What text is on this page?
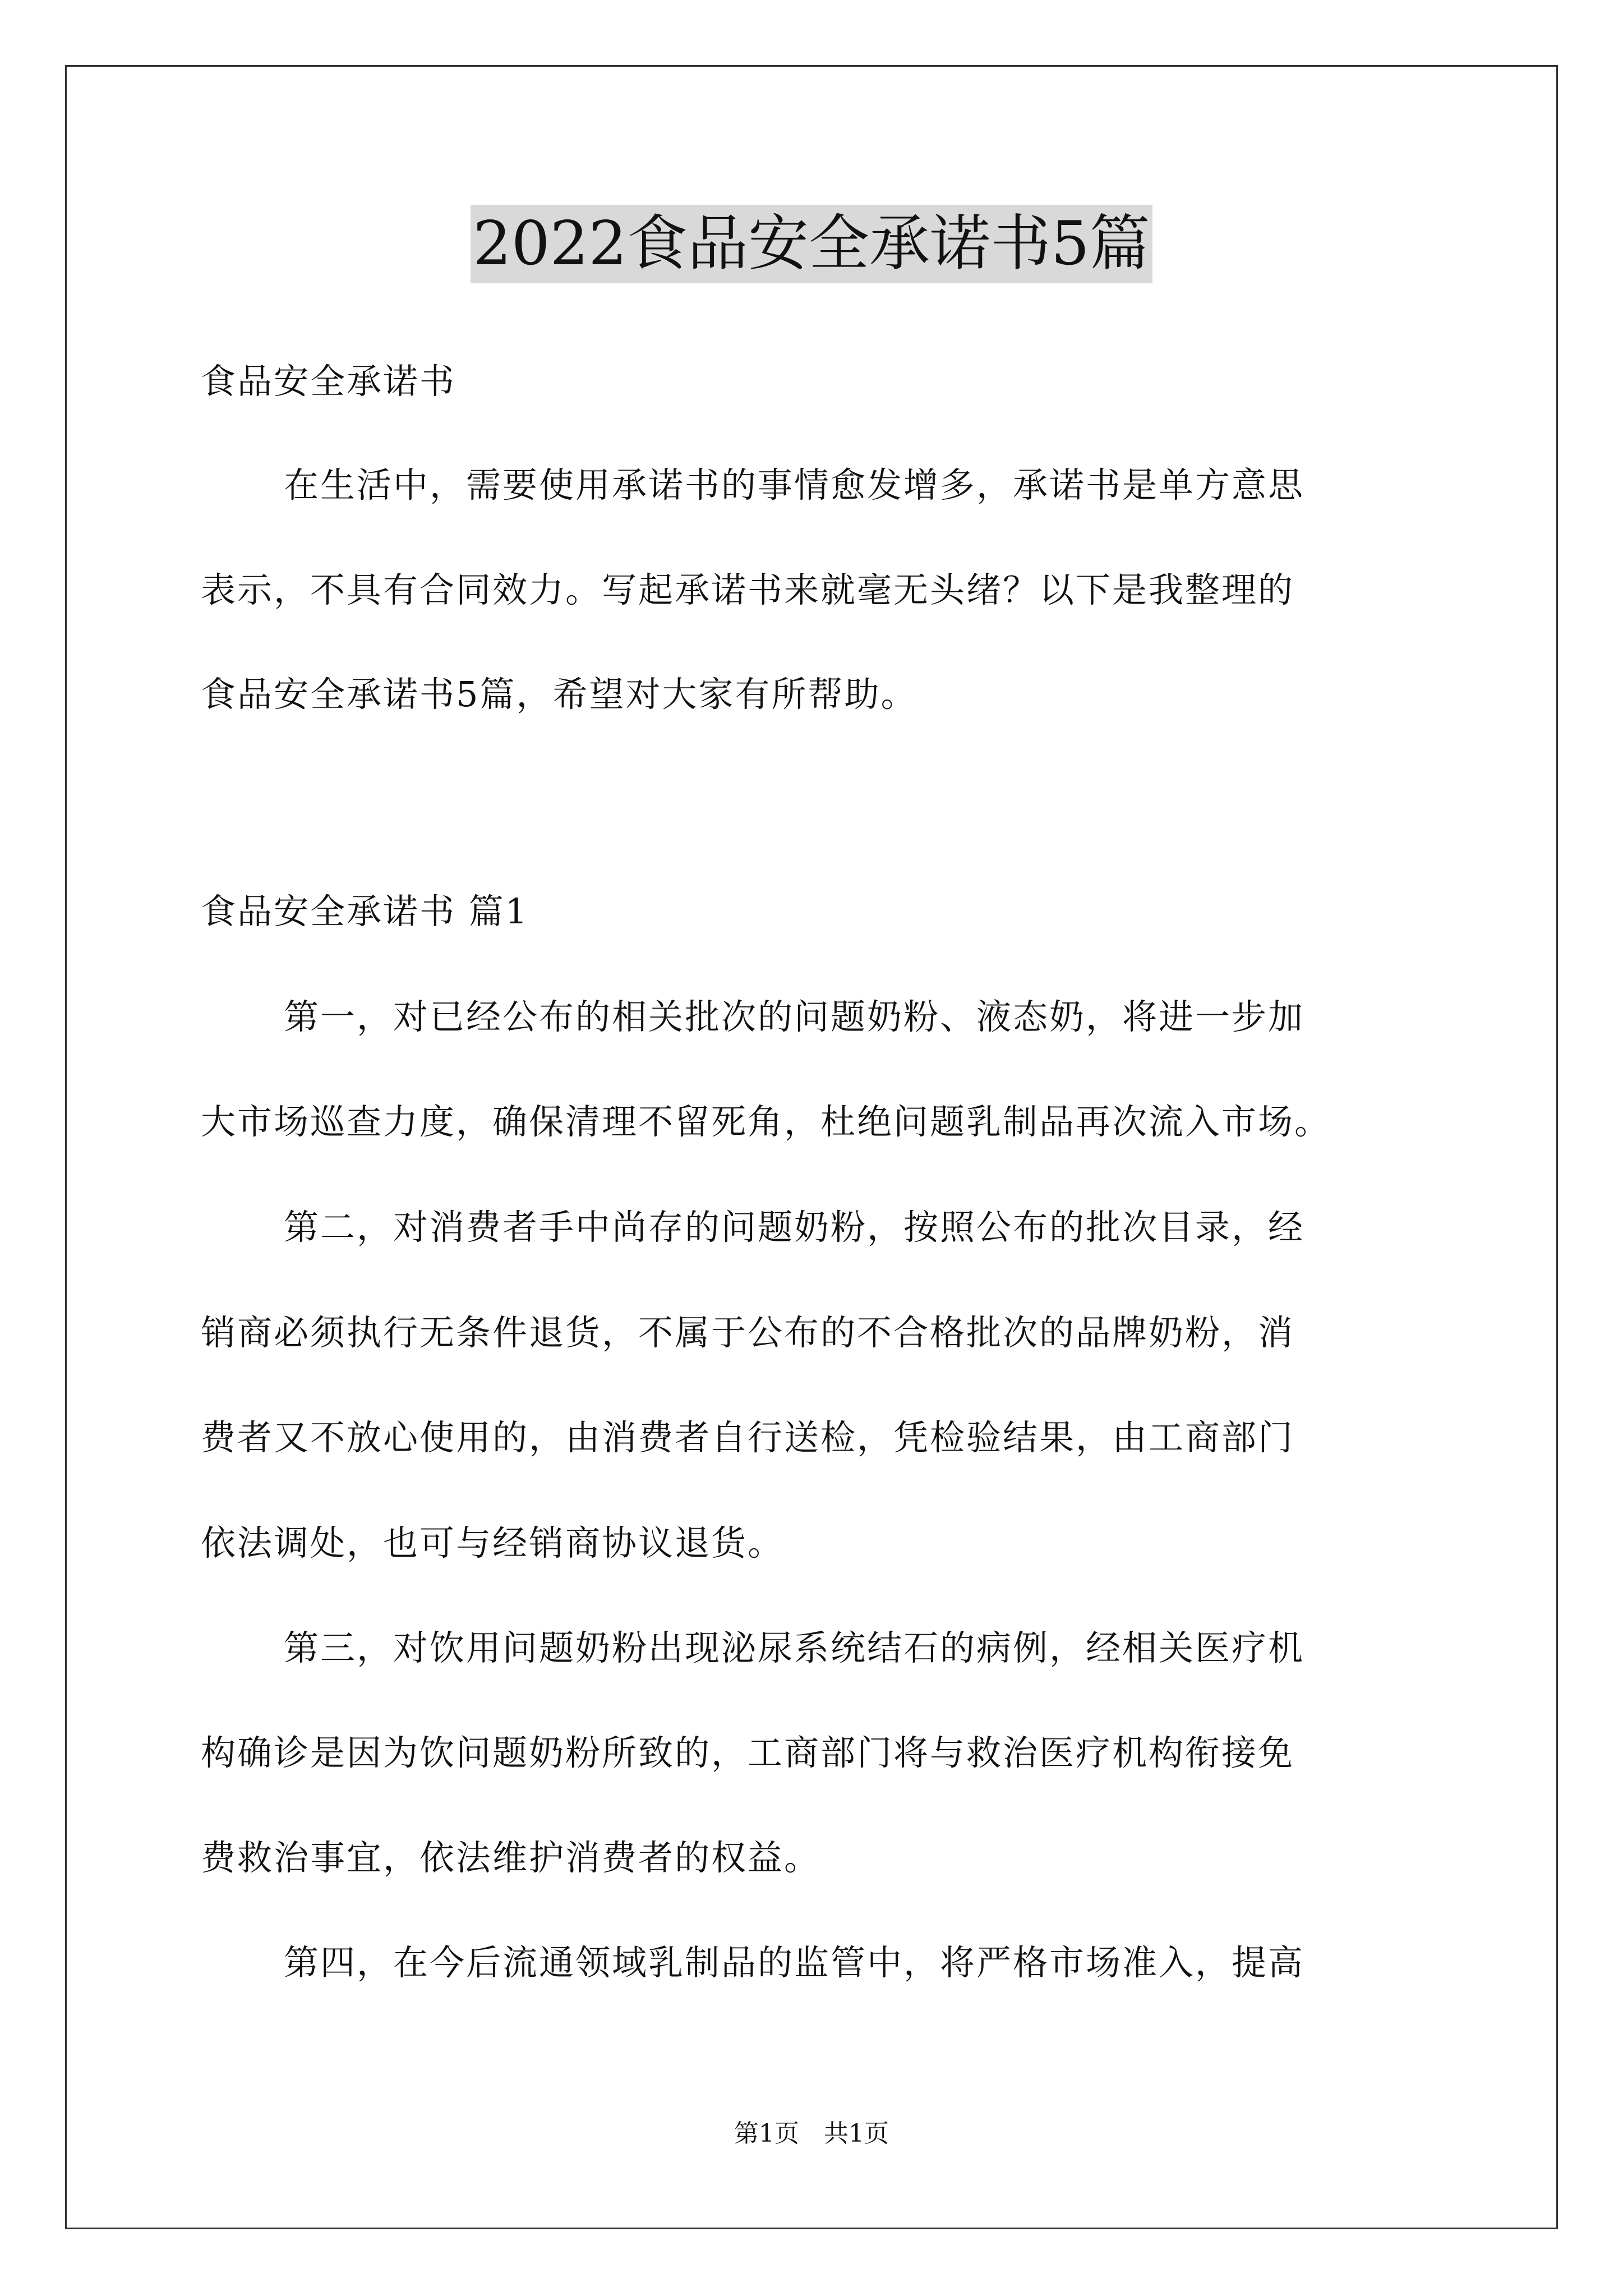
2022食品安全承诺书5篇
食品安全承诺书
在生活中，需要使用承诺书的事情愈发增多，承诺书是单方意思
表示，不具有合同效力。写起承诺书来就毫无头绪？以下是我整理的
食品安全承诺书5篇，希望对大家有所帮助。
食品安全承诺书 篇1
第一，对已经公布的相关批次的问题奶粉、液态奶，将进一步加
大市场巡查力度，确保清理不留死角，杜绝问题乳制品再次流入市场。
第二，对消费者手中尚存的问题奶粉，按照公布的批次目录，经
销商必须执行无条件退货，不属于公布的不合格批次的品牌奶粉，消
费者又不放心使用的，由消费者自行送检，凭检验结果，由工商部门
依法调处，也可与经销商协议退货。
第三，对饮用问题奶粉出现泌尿系统结石的病例，经相关医疗机
构确诊是因为饮问题奶粉所致的，工商部门将与救治医疗机构衔接免
费救治事宜，依法维护消费者的权益。
第四，在今后流通领域乳制品的监管中，将严格市场准入，提高
第1页　共1页
